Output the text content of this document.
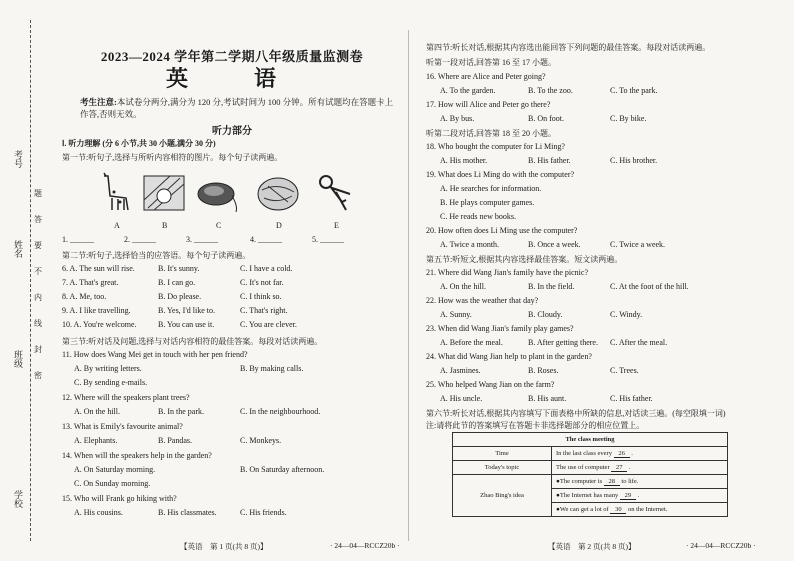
考号
姓名
班级
学校
题
答
要
不
内
线
封
密
2023—2024 学年第二学期八年级质量监测卷
英　语
考生注意:本试卷分两分,满分为 120 分,考试时间为 100 分钟。所有试题均在答题卡上作答,否则无效。
听力部分
Ⅰ. 听力理解 (分 6 小节,共 30 小题,满分 30 分)
第一节:听句子,选择与所听内容相符的图片。每个句子读两遍。
A	B	C	D	E
1. ______	2. ______	3. ______	4. ______	5. ______
第二节:听句子,选择恰当的应答语。每个句子读两遍。
6. A. The sun will rise.	B. It's sunny.	C. I have a cold.
7. A. That's great.	B. I can go.	C. It's not far.
8. A. Me, too.	B. Do please.	C. I think so.
9. A. I like travelling.	B. Yes, I'd like to.	C. That's right.
10. A. You're welcome.	B. You can use it.	C. You are clever.
第三节:听对话及问题,选择与对话内容相符的最佳答案。每段对话读两遍。
11. How does Wang Mei get in touch with her pen friend?
A. By writing letters.	B. By making calls.
C. By sending e-mails.
12. Where will the speakers plant trees?
A. On the hill.	B. In the park.	C. In the neighbourhood.
13. What is Emily's favourite animal?
A. Elephants.	B. Pandas.	C. Monkeys.
14. When will the speakers help in the garden?
A. On Saturday morning.	B. On Saturday afternoon.
C. On Sunday morning.
15. Who will Frank go hiking with?
A. His cousins.	B. His classmates.	C. His friends.
【英语　第 1 页(共 8 页)】	· 24—04—RCCZ20b ·
第四节:听长对话,根据其内容选出能回答下列问题的最佳答案。每段对话读两遍。
听第一段对话,回答第 16 至 17 小题。
16. Where are Alice and Peter going?
A. To the garden.	B. To the zoo.	C. To the park.
17. How will Alice and Peter go there?
A. By bus.	B. On foot.	C. By bike.
听第二段对话,回答第 18 至 20 小题。
18. Who bought the computer for Li Ming?
A. His mother.	B. His father.	C. His brother.
19. What does Li Ming do with the computer?
A. He searches for information.
B. He plays computer games.
C. He reads new books.
20. How often does Li Ming use the computer?
A. Twice a month.	B. Once a week.	C. Twice a week.
第五节:听短文,根据其内容选择最佳答案。短文读两遍。
21. Where did Wang Jian's family have the picnic?
A. On the hill.	B. In the field.	C. At the foot of the hill.
22. How was the weather that day?
A. Sunny.	B. Cloudy.	C. Windy.
23. When did Wang Jian's family play games?
A. Before the meal.	B. After getting there. C. After the meal.
24. What did Wang Jian help to plant in the garden?
A. Jasmines.	B. Roses.	C. Trees.
25. Who helped Wang Jian on the farm?
A. His uncle.	B. His aunt.	C. His father.
第六节:听长对话,根据其内容填写下面表格中所缺的信息,对话读三遍。(每空限填一词)
注:请将此节的答案填写在答题卡非选择题部分的相应位置上。
【英语　第 2 页(共 8 页)】	· 24—04—RCCZ20b ·
The class meeting	
Time	In the last class every 26 .
Today's topic	The use of computer 27 .
Zhao Bing's idea	●The computer is 28 to life.
	●The Internet has many 29 .
	●We can get a lot of 30 on the Internet.
